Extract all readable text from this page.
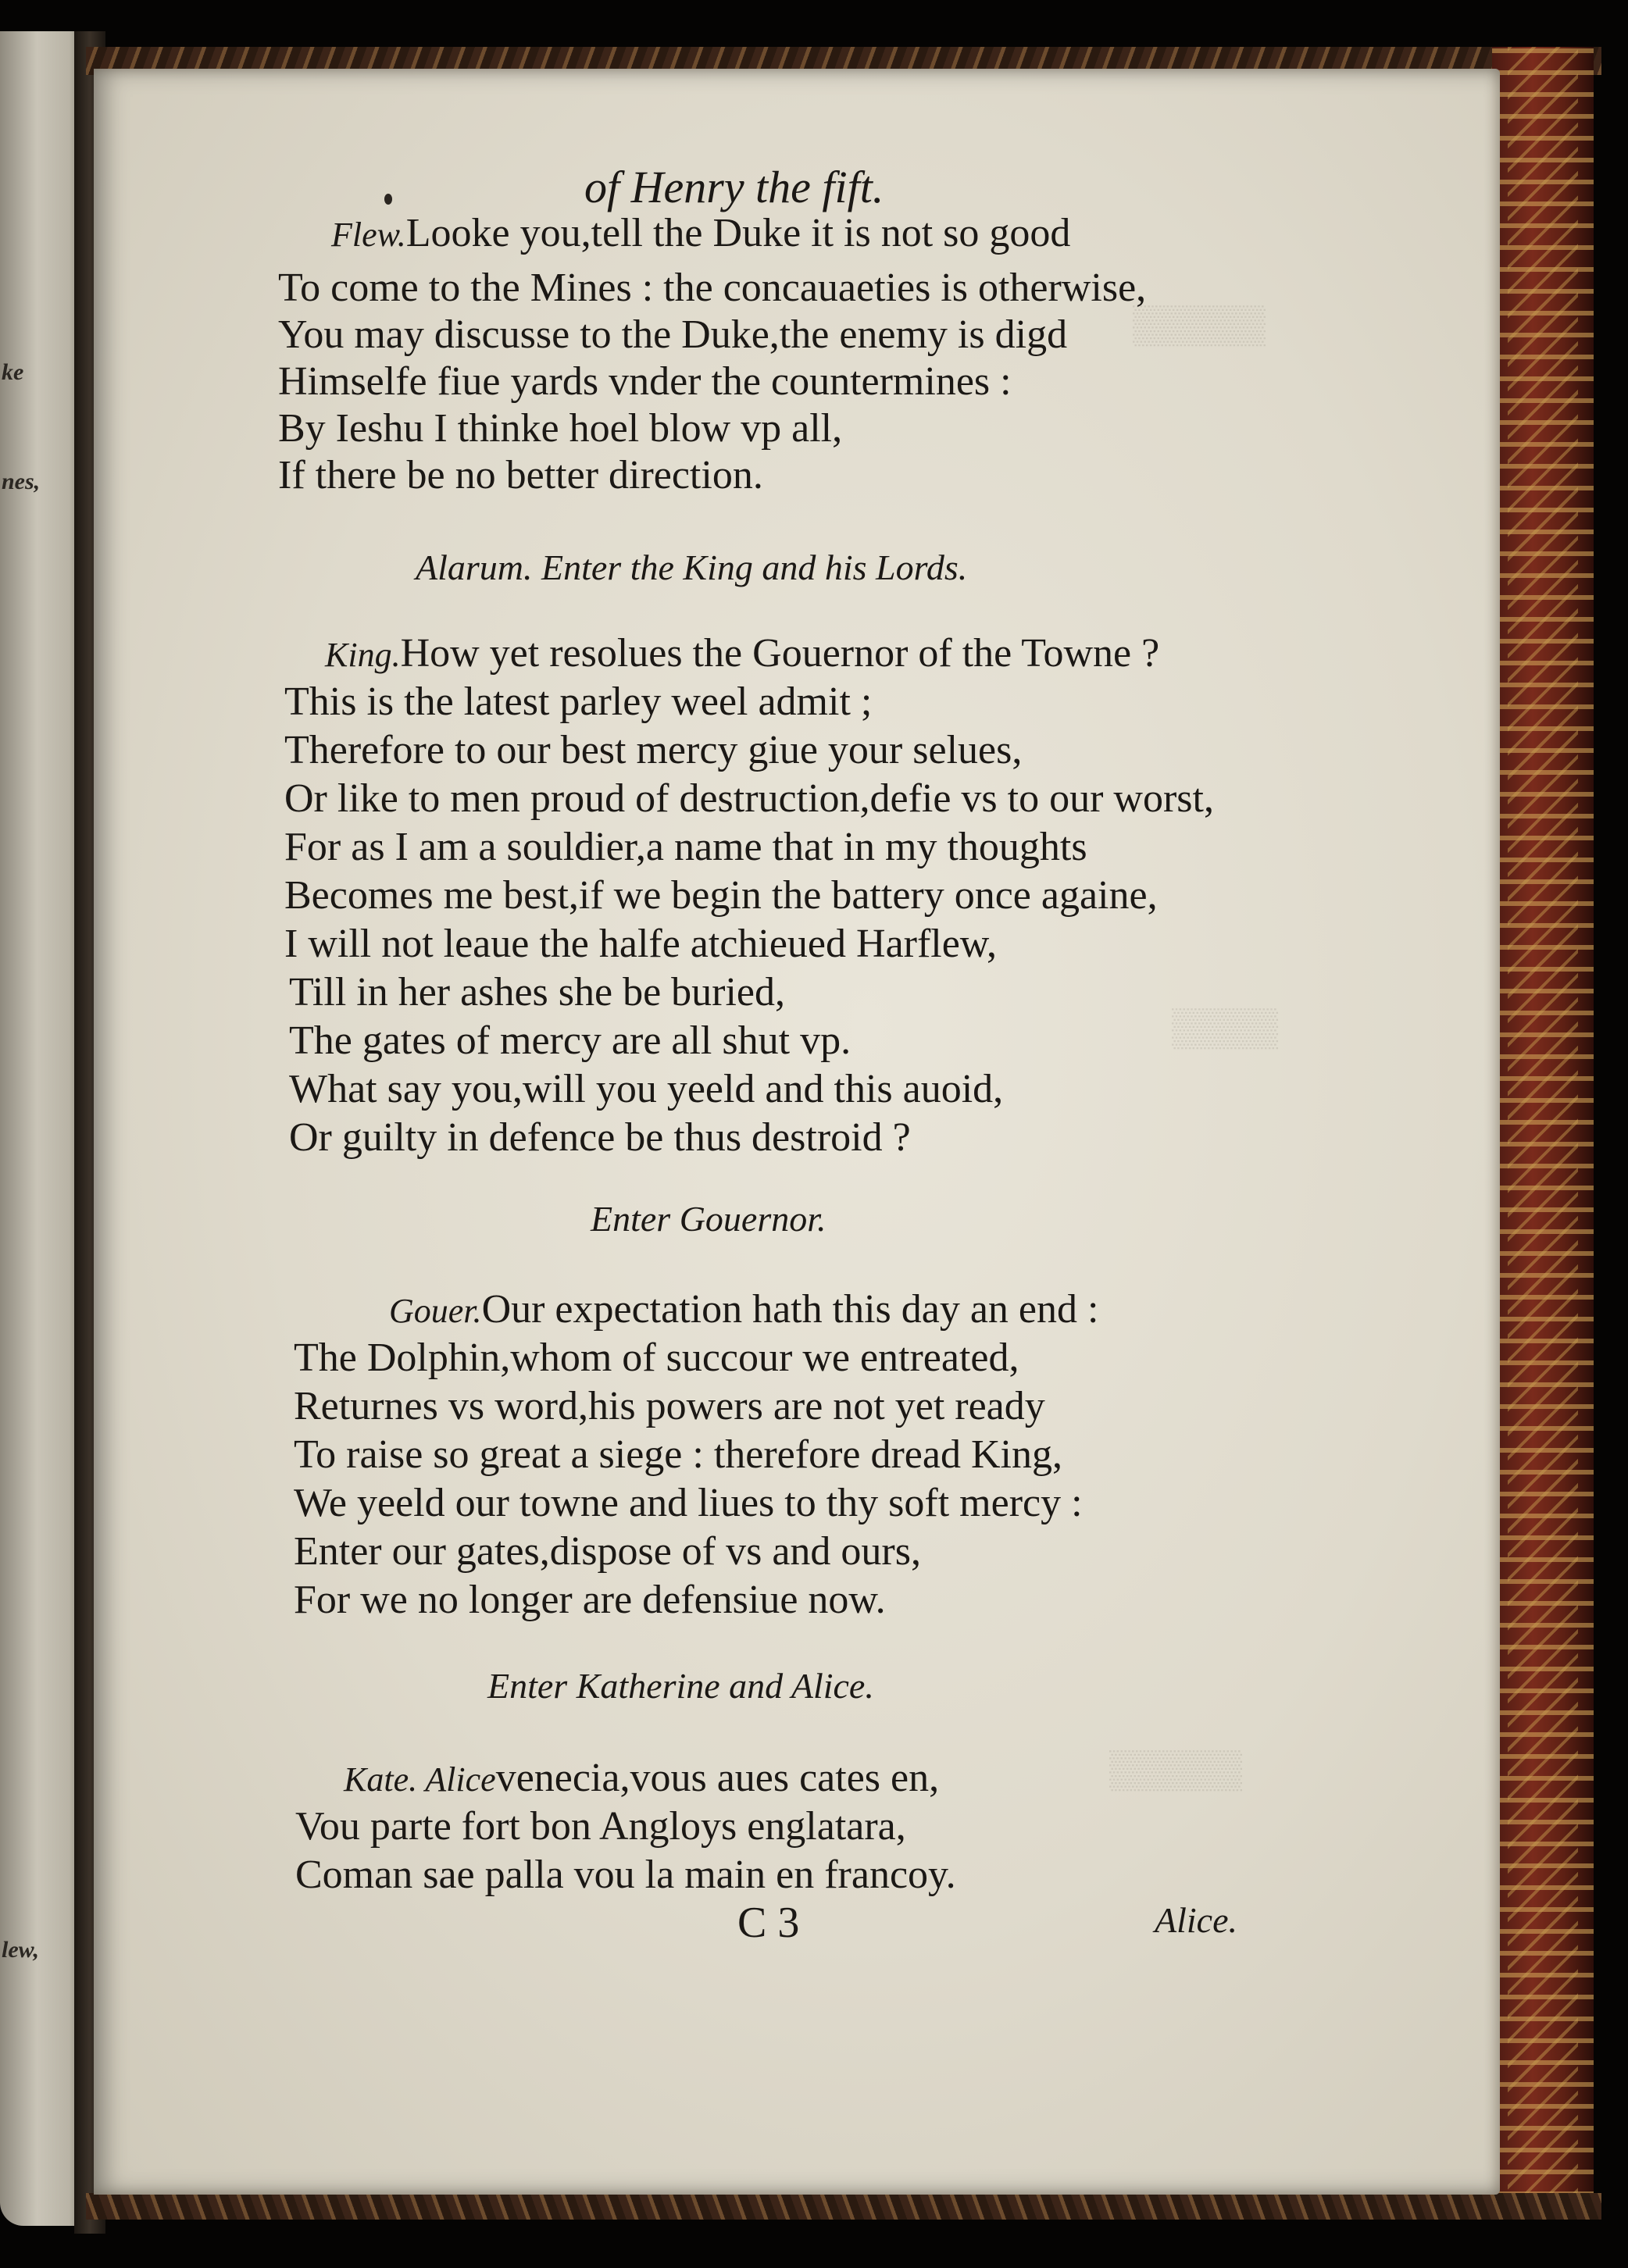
ke
nes,
lew,
▒▒▒▒▒
▒▒▒▒
▒▒▒▒▒
of Henry the fift.
Flew.Looke you,tell the Duke it is not so good
To come to the Mines : the concauaeties is otherwise,
You may discusse to the Duke,the enemy is digd
Himselfe fiue yards vnder the countermines :
By Ieshu I thinke hoel blow vp all,
If there be no better direction.
Alarum. Enter the King and his Lords.
King.How yet resolues the Gouernor of the Towne ?
This is the latest parley weel admit ;
Therefore to our best mercy giue your selues,
Or like to men proud of destruction,defie vs to our worst,
For as I am a souldier,a name that in my thoughts
Becomes me best,if we begin the battery once againe,
I will not leaue the halfe atchieued Harflew,
Till in her ashes she be buried,
The gates of mercy are all shut vp.
What say you,will you yeeld and this auoid,
Or guilty in defence be thus destroid ?
Enter Gouernor.
Gouer.Our expectation hath this day an end :
The Dolphin,whom of succour we entreated,
Returnes vs word,his powers are not yet ready
To raise so great a siege : therefore dread King,
We yeeld our towne and liues to thy soft mercy :
Enter our gates,dispose of vs and ours,
For we no longer are defensiue now.
Enter Katherine and Alice.
Kate. Alicevenecia,vous aues cates en,
Vou parte fort bon Angloys englatara,
Coman sae palla vou la main en francoy.
C 3	Alice.
